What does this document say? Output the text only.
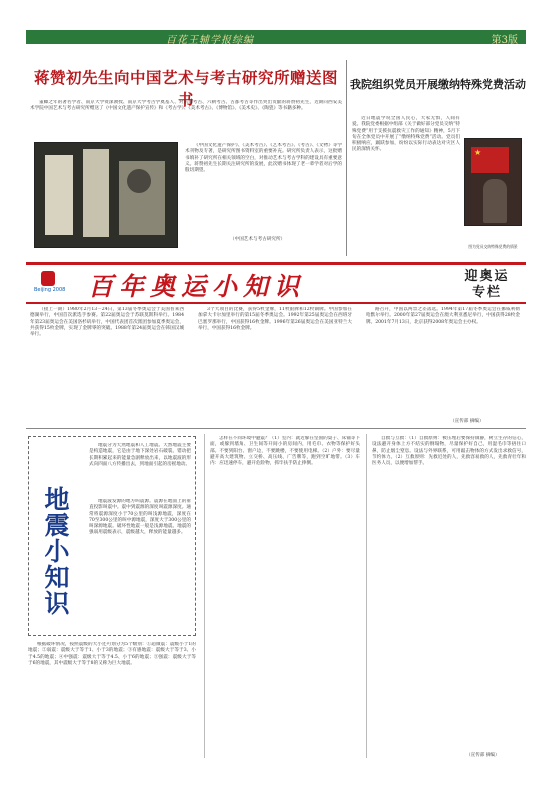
百花王辅学报综编	第3版
蒋赞初先生向中国艺术与考古研究所赠送图书
董卿之年的著名学者、南京大学资深教授、南京大学考古学奠基人、对东南考古、六朝考古、古都考古等作出突出贡献的蒋赞初先生，近期向西安美术学院中国艺术与考古研究所赠送了《中国文化遗产保护宣传》和《考古学》、《美术考古》、《博物馆》、《美术史》、《陶瓷》等书籍多种。
《中国文化遗产保护》、《美术考古》、《艺术考古》、《考古》、《文物》等学术刊物及专著，是研究所图书资料室的重要补充。研究所负责人表示，这批赠书填补了研究所在相关领域的空白，对推动艺术与考古学科的建设具有重要意义。蒋赞初先生长期关注研究所的发展，此次赠书体现了老一辈学者对后学的殷切期望。
（中国艺术与考古研究所）
我院组织党员开展缴纳特殊党费活动
近日地震学说全国人民心，大家无惧，人间有爱。我院党委根据中组部《关于做好部分党员交纳“特殊党费”用于支援抗震救灾工作的通知》精神，5月下旬在全体党员中开展了“缴纳特殊党费”活动。党员们积极响应，踊跃参加，纷纷以实际行动表达对灾区人民的深情关怀。	★
图为党员交纳特殊党费的情景
Beijing 2008 百年奥运小知识	迎奥运
专栏
（接上一期）1980年2月13－24日，第13届冬季奥运会于美国普莱西德湖举行，中国首次派选手参赛。第22届奥运会于苏联莫斯科举行。1984年第23届奥运会在美国洛杉矶举行，中国代表团首次派团参加夏季奥运会，共获得15枚金牌，实现了金牌零的突破。1988年第24届奥运会在韩国汉城举行。
3个大项目的比赛，获得5枚金牌，11枚银牌和12枚铜牌。中国参加在加拿大卡尔加里举行的第15届冬季奥运会。1992年第25届奥运会在西班牙巴塞罗那举行，中国获得16枚金牌。1996年第26届奥运会在美国亚特兰大举行，中国获得16枚金牌。
路召开，中国以两票之差落选。1994年第17届冬季奥运会在挪威利勒哈默尔举行。2000年第27届奥运会在澳大利亚悉尼举行，中国获得28枚金牌。2001年7月13日，北京获得2008年奥运会主办权。
（宣传部 摘编）
地震分为天然地震和人工地震。天然地震主要是构造地震，它是由于地下深处岩石破裂、错动把长期积累起来的能量急剧释放出来，以地震波的形式向四面八方传播出去，到地面引起的房摇地动。
地震小知识
地震波发源的地方叫震源。震源在地面上的垂直投影叫震中。震中到震源的深度叫震源深度。通常将震源深度小于70公里的叫浅源地震，深度在70至300公里的叫中源地震，深度大于300公里的叫深源地震。破坏性地震一般是浅源地震。地震的强弱用震级表示，震级越大，释放的能量越多。
根据破坏情况，按照震级的大小还可划分为5个级别：①超微震：震级小于1的地震；②弱震：震级大于等于1、小于3的地震；③有感地震：震级大于等于3、小于4.5的地震；④中强震：震级大于等于4.5、小于6的地震；⑤强震：震级大于等于6的地震，其中震级大于等于8的又称为巨大地震。
怎样在不同环境中避震？（1）室内：就近躲在坚固的桌子、床铺等下面，或躲到墙角、卫生间等开间小的房间内，用毛巾、衣物等保护好头部。不要到阳台、窗户边，不要跳楼，不要使用电梯。（2）户外：要尽量避开高大建筑物、立交桥、高压线、广告牌等，跑到空旷地带。（3）车内：应迅速停车，避开危险物，抓牢扶手防止摔倒。
自救与互救：（1）自救原则：被压埋后要保持镇静，树立生存的信心，设法避开身体上方不结实的倒塌物，尽量保护好自己，用湿毛巾等捂住口鼻，防止烟尘窒息。设法与外界联系，可用敲击物体的方式发出求救信号，节约体力。（2）互救原则：先救近处的人，先救容易救的人，先救青壮年和医务人员，以便增加帮手。
（宣传部 摘编）
